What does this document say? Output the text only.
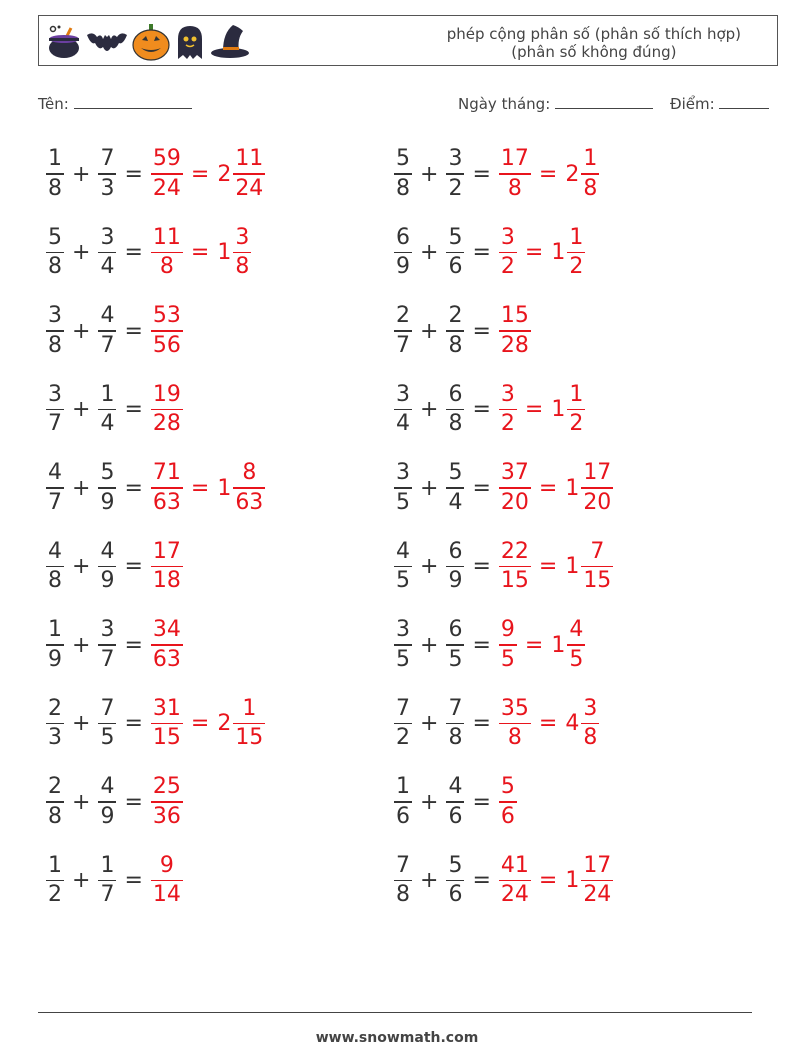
phép cộng phân số (phân số thích hợp)
(phân số không đúng)
Tên:	Ngày tháng:	Điểm:
$\frac{1}{8} + \frac{7}{3} = \frac{59}{24} = 2 \frac{11}{24}$	$\frac{5}{8} + \frac{3}{2} = \frac{17}{8} = 2 \frac{1}{8}$
$\frac{5}{8} + \frac{3}{4} = \frac{11}{8} = 1 \frac{3}{8}$	$\frac{6}{9} + \frac{5}{6} = \frac{3}{2} = 1 \frac{1}{2}$
$\frac{3}{8} + \frac{4}{7} = \frac{53}{56}$	$\frac{2}{7} + \frac{2}{8} = \frac{15}{28}$
$\frac{3}{7} + \frac{1}{4} = \frac{19}{28}$	$\frac{3}{4} + \frac{6}{8} = \frac{3}{2} = 1 \frac{1}{2}$
$\frac{4}{7} + \frac{5}{9} = \frac{71}{63} = 1 \frac{8}{63}$	$\frac{3}{5} + \frac{5}{4} = \frac{37}{20} = 1 \frac{17}{20}$
$\frac{4}{8} + \frac{4}{9} = \frac{17}{18}$	$\frac{4}{5} + \frac{6}{9} = \frac{22}{15} = 1 \frac{7}{15}$
$\frac{1}{9} + \frac{3}{7} = \frac{34}{63}$	$\frac{3}{5} + \frac{6}{5} = \frac{9}{5} = 1 \frac{4}{5}$
$\frac{2}{3} + \frac{7}{5} = \frac{31}{15} = 2 \frac{1}{15}$	$\frac{7}{2} + \frac{7}{8} = \frac{35}{8} = 4 \frac{3}{8}$
$\frac{2}{8} + \frac{4}{9} = \frac{25}{36}$	$\frac{1}{6} + \frac{4}{6} = \frac{5}{6}$
$\frac{1}{2} + \frac{1}{7} = \frac{9}{14}$	$\frac{7}{8} + \frac{5}{6} = \frac{41}{24} = 1 \frac{17}{24}$
www.snowmath.com
